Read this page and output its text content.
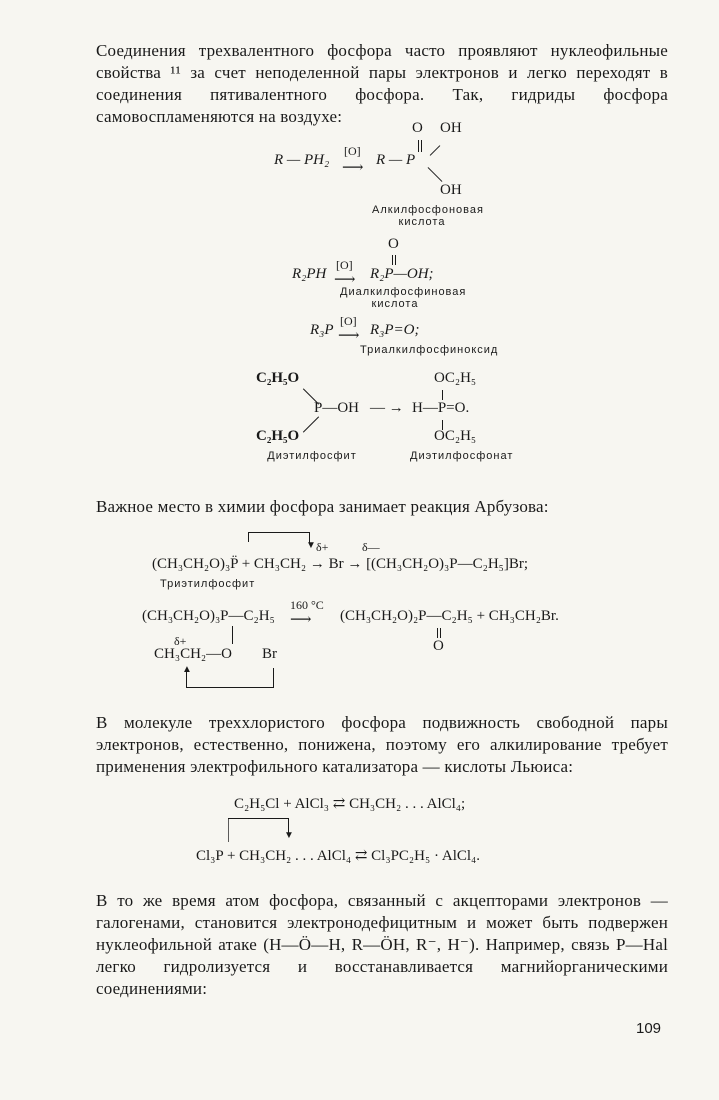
Соединения трехвалентного фосфора часто проявляют нуклеофильные свойства ¹¹ за счет неподеленной пары электронов и легко переходят в соединения пятивалентного фосфора. Так, гидриды фосфора самовоспламеняются на воздухе:
O OH
R — PH₂
[O]
⟶ R — P
OH
Алкилфосфоновая кислота
O
R₂PH
[O]
⟶ R₂P—OH;
Диалкилфосфиновая кислота
R₃P
[O]
⟶ R₃P=O;
Триалкилфосфиноксид
C₂H₅O
P—OH
C₂H₅O
Диэтилфосфит
— →
OC₂H₅
H—P=O.
OC₂H₅
Диэтилфосфонат
Важное место в химии фосфора занимает реакция Арбузова:
▼ δ+	δ—
(CH₃CH₂O)₃P̈ + CH₃CH₂ → Br → [(CH₃CH₂O)₃P—C₂H₅]Br;
Триэтилфосфит
160 °C
(CH₃CH₂O)₃P—C₂H₅ ⟶ (CH₃CH₂O)₂P—C₂H₅ + CH₃CH₂Br.
O
δ+
CH₃CH₂—O Br
▲
В молекуле треххлористого фосфора подвижность свободной пары электронов, естественно, понижена, поэтому его алкилирование требует применения электрофильного катализатора — кислоты Льюиса:
C₂H₅Cl + AlCl₃ ⇄ CH₃CH₂ . . . AlCl₄;
▼
Cl₃P + CH₃CH₂ . . . AlCl₄ ⇄ Cl₃PC₂H₅ · AlCl₄.
В то же время атом фосфора, связанный с акцепторами электронов — галогенами, становится электронодефицитным и может быть подвержен нуклеофильной атаке (H—Ö—H, R—ÖH, R⁻, H⁻). Например, связь P—Hal легко гидролизуется и восстанавливается магнийорганическими соединениями:
109
